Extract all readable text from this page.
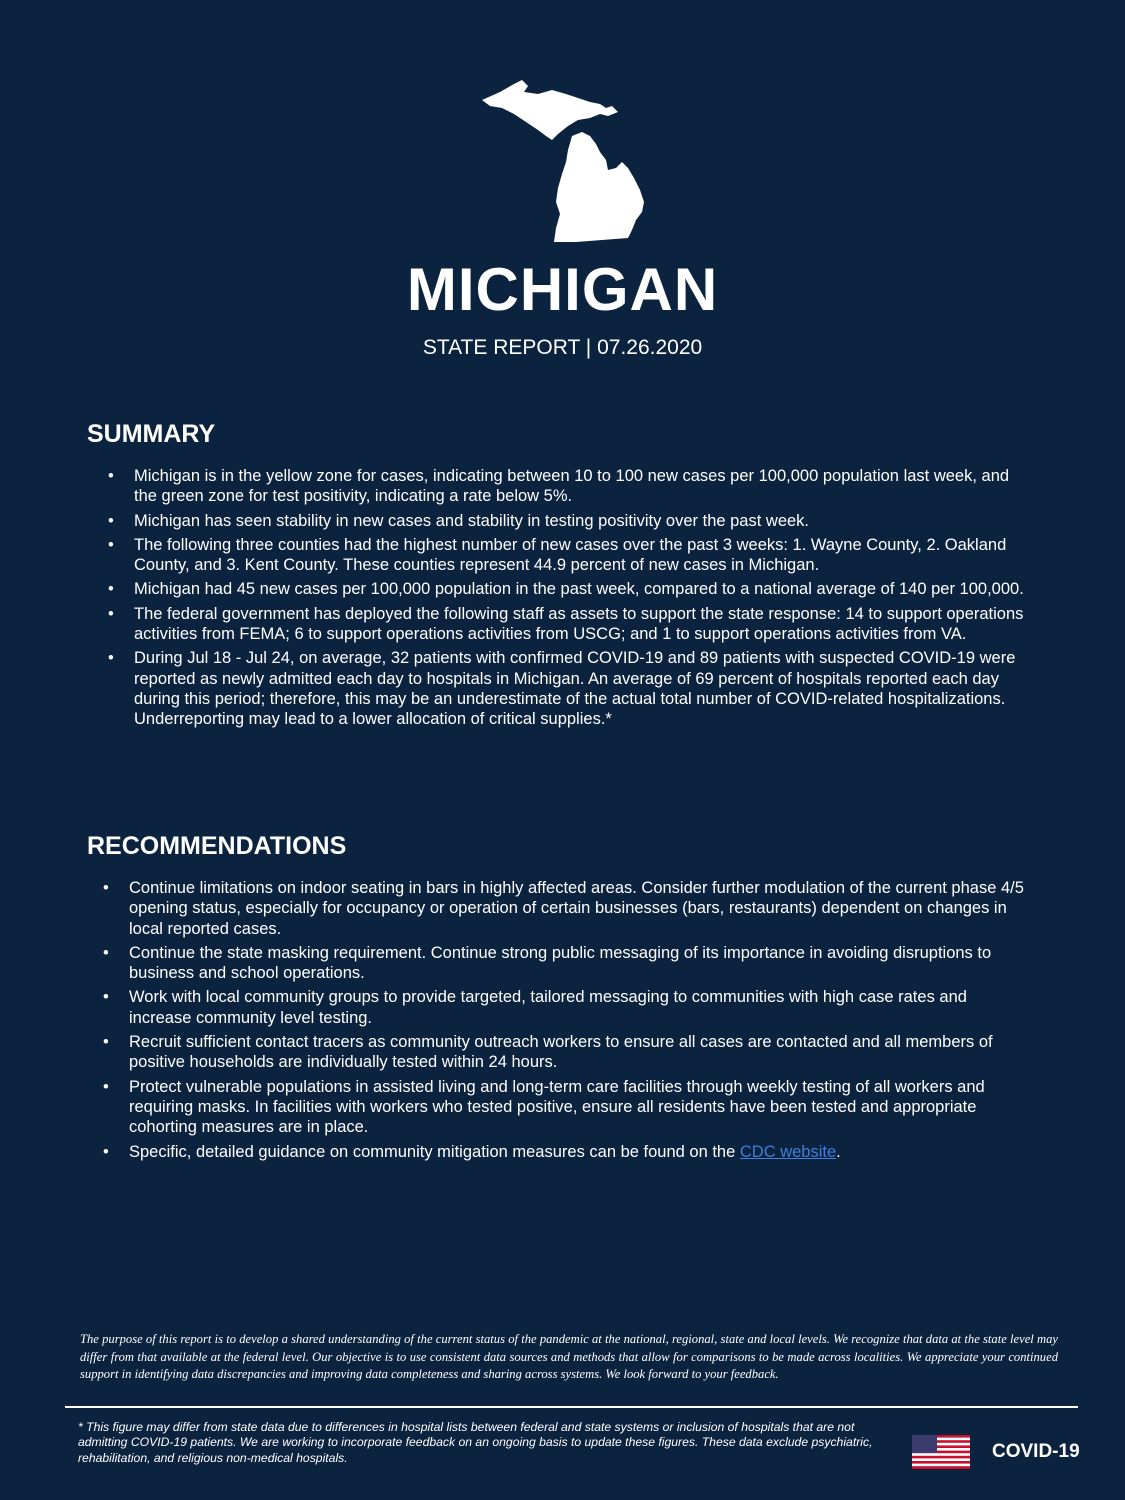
MICHIGAN
STATE REPORT | 07.26.2020
SUMMARY
• Michigan is in the yellow zone for cases, indicating between 10 to 100 new cases per 100,000 population last week, and the green zone for test positivity, indicating a rate below 5%.
• Michigan has seen stability in new cases and stability in testing positivity over the past week.
• The following three counties had the highest number of new cases over the past 3 weeks: 1. Wayne County, 2. Oakland County, and 3. Kent County. These counties represent 44.9 percent of new cases in Michigan.
• Michigan had 45 new cases per 100,000 population in the past week, compared to a national average of 140 per 100,000.
• The federal government has deployed the following staff as assets to support the state response: 14 to support operations activities from FEMA; 6 to support operations activities from USCG; and 1 to support operations activities from VA.
• During Jul 18 - Jul 24, on average, 32 patients with confirmed COVID-19 and 89 patients with suspected COVID-19 were reported as newly admitted each day to hospitals in Michigan. An average of 69 percent of hospitals reported each day during this period; therefore, this may be an underestimate of the actual total number of COVID-related hospitalizations. Underreporting may lead to a lower allocation of critical supplies.*
RECOMMENDATIONS
• Continue limitations on indoor seating in bars in highly affected areas. Consider further modulation of the current phase 4/5 opening status, especially for occupancy or operation of certain businesses (bars, restaurants) dependent on changes in local reported cases.
• Continue the state masking requirement. Continue strong public messaging of its importance in avoiding disruptions to business and school operations.
• Work with local community groups to provide targeted, tailored messaging to communities with high case rates and increase community level testing.
• Recruit sufficient contact tracers as community outreach workers to ensure all cases are contacted and all members of positive households are individually tested within 24 hours.
• Protect vulnerable populations in assisted living and long-term care facilities through weekly testing of all workers and requiring masks. In facilities with workers who tested positive, ensure all residents have been tested and appropriate cohorting measures are in place.
• Specific, detailed guidance on community mitigation measures can be found on the CDC website.
The purpose of this report is to develop a shared understanding of the current status of the pandemic at the national, regional, state and local levels. We recognize that data at the state level may differ from that available at the federal level. Our objective is to use consistent data sources and methods that allow for comparisons to be made across localities. We appreciate your continued support in identifying data discrepancies and improving data completeness and sharing across systems. We look forward to your feedback.
* This figure may differ from state data due to differences in hospital lists between federal and state systems or inclusion of hospitals that are not admitting COVID-19 patients. We are working to incorporate feedback on an ongoing basis to update these figures. These data exclude psychiatric, rehabilitation, and religious non-medical hospitals.	COVID-19
